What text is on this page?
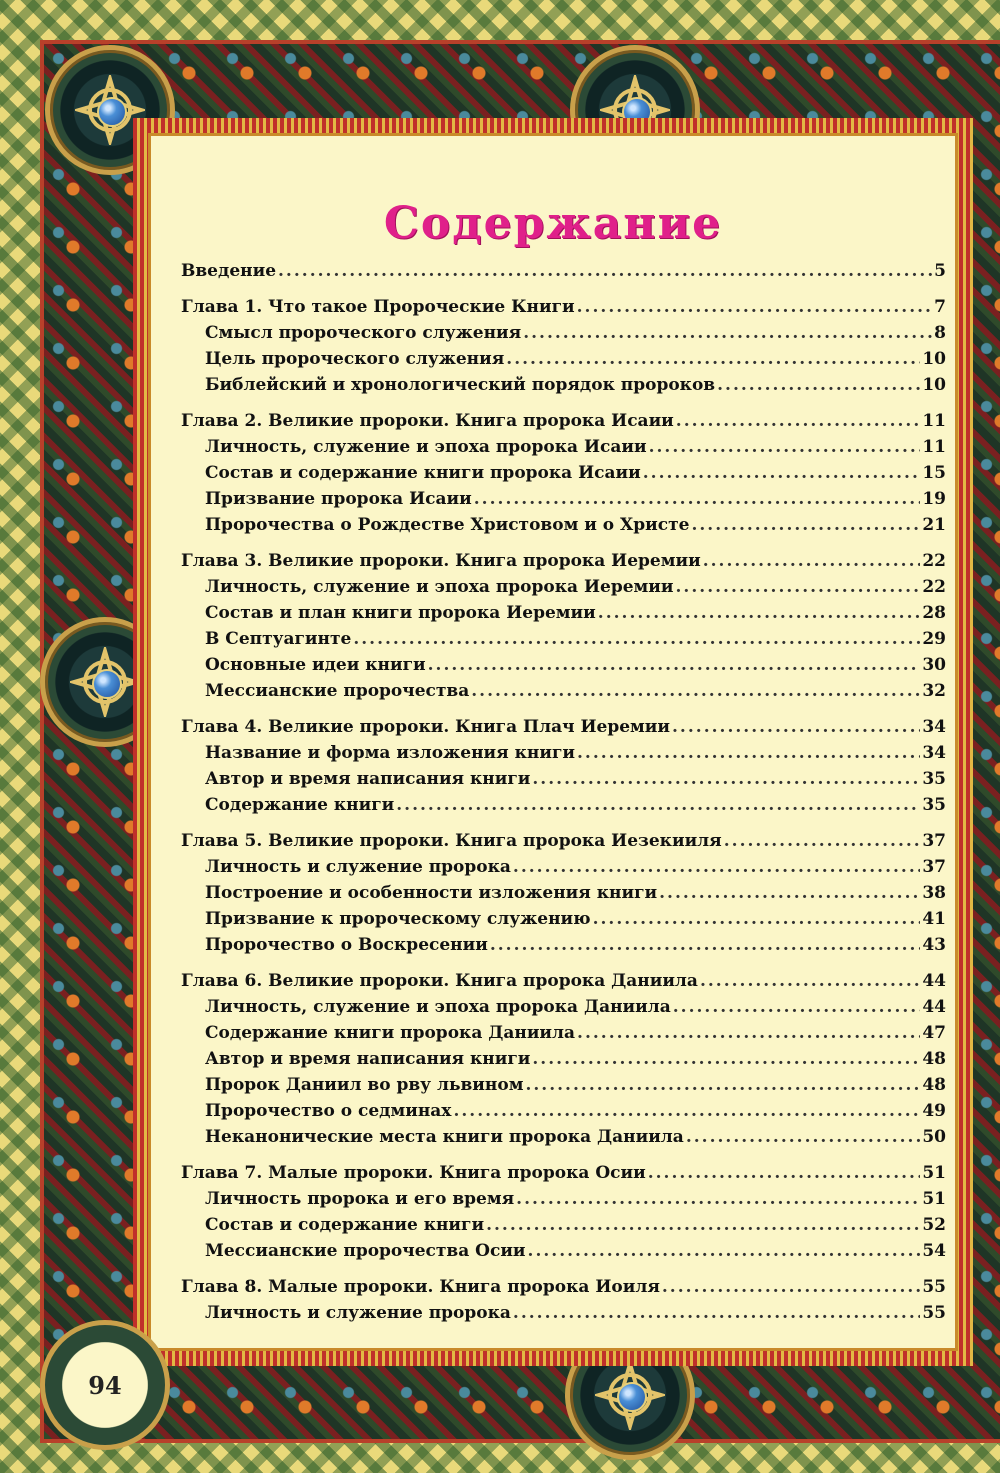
Содержание
Введение .....	5
Глава 1. Что такое Пророческие Книги .....	7
Смысл пророческого служения .....	8
Цель пророческого служения .....	10
Библейский и хронологический порядок пророков .....	10
Глава 2. Великие пророки. Книга пророка Исаии .....	11
Личность, служение и эпоха пророка Исаии .....	11
Состав и содержание книги пророка Исаии .....	15
Призвание пророка Исаии .....	19
Пророчества о Рождестве Христовом и о Христе .....	21
Глава 3. Великие пророки. Книга пророка Иеремии .....	22
Личность, служение и эпоха пророка Иеремии .....	22
Состав и план книги пророка Иеремии .....	28
В Септуагинте .....	29
Основные идеи книги .....	30
Мессианские пророчества .....	32
Глава 4. Великие пророки. Книга Плач Иеремии .....	34
Название и форма изложения книги .....	34
Автор и время написания книги .....	35
Содержание книги .....	35
Глава 5. Великие пророки. Книга пророка Иезекииля .....	37
Личность и служение пророка .....	37
Построение и особенности изложения книги .....	38
Призвание к пророческому служению .....	41
Пророчество о Воскресении .....	43
Глава 6. Великие пророки. Книга пророка Даниила .....	44
Личность, служение и эпоха пророка Даниила .....	44
Содержание книги пророка Даниила .....	47
Автор и время написания книги .....	48
Пророк Даниил во рву львином .....	48
Пророчество о седминах .....	49
Неканонические места книги пророка Даниила .....	50
Глава 7. Малые пророки. Книга пророка Осии .....	51
Личность пророка и его время .....	51
Состав и содержание книги .....	52
Мессианские пророчества Осии .....	54
Глава 8. Малые пророки. Книга пророка Иоиля .....	55
Личность и служение пророка .....	55
94
